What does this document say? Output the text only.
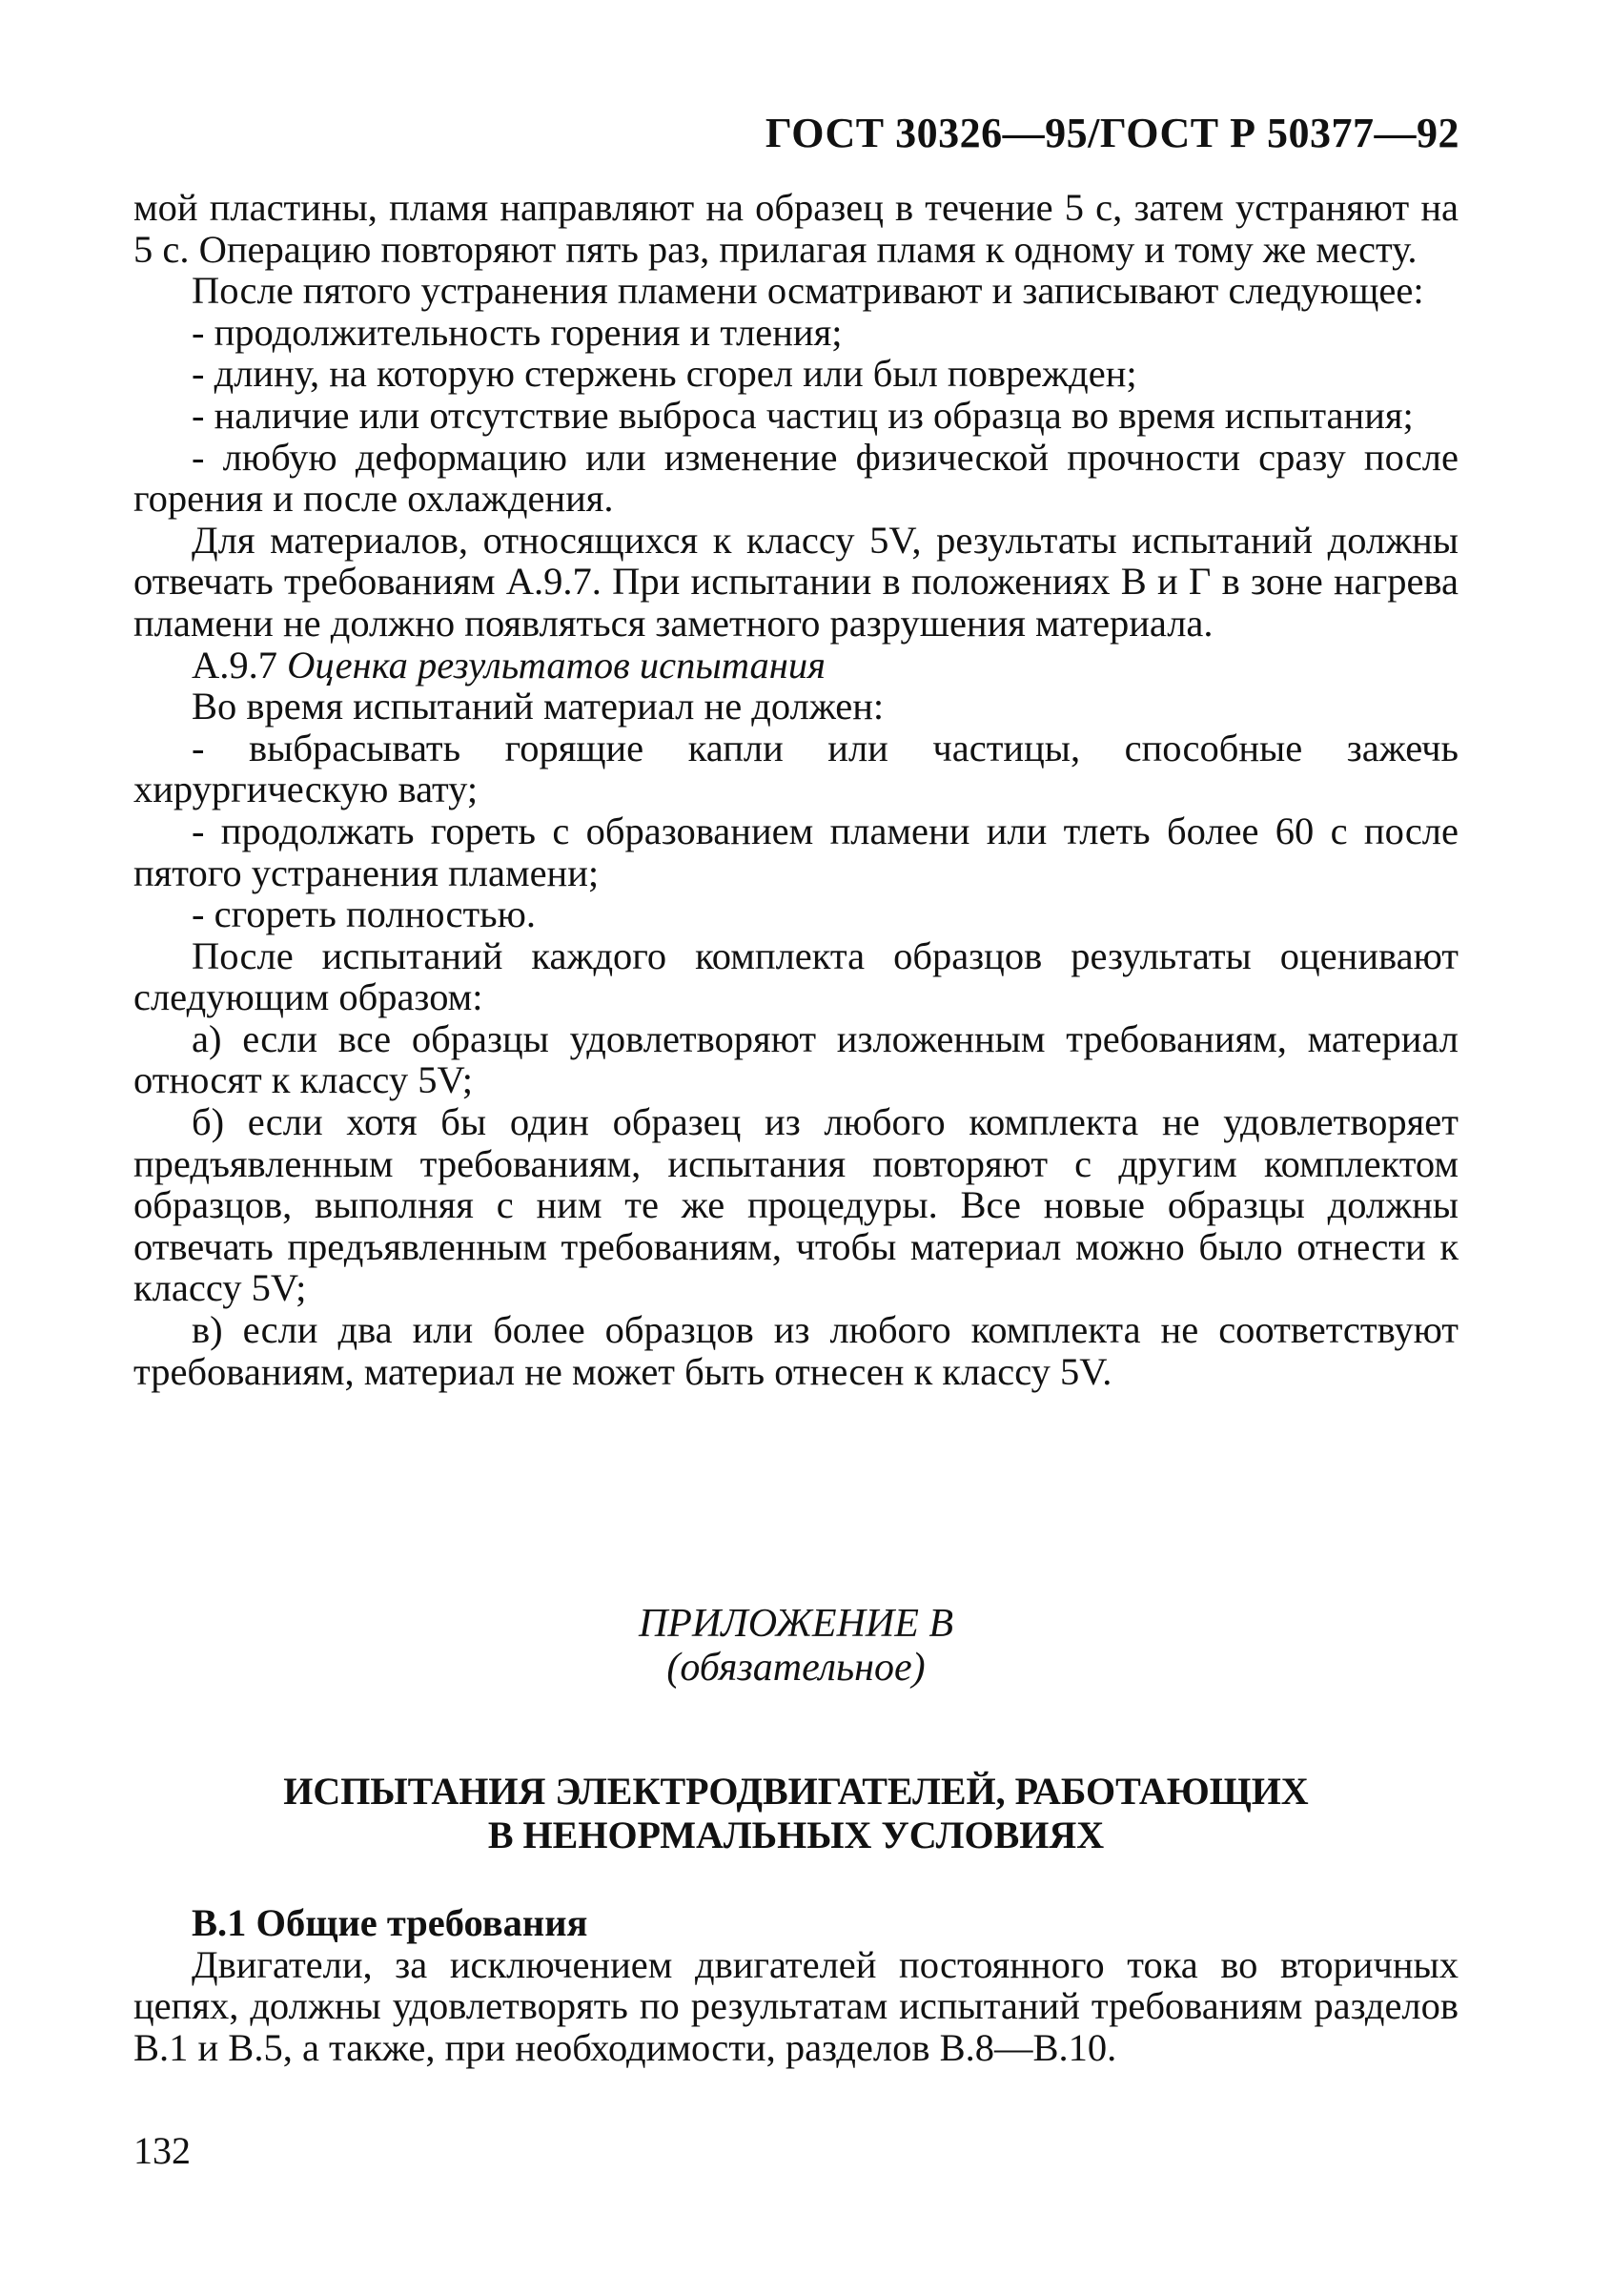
ГОСТ 30326—95/ГОСТ Р 50377—92

мой пластины, пламя направляют на образец в течение 5 с, затем устраняют на 5 с. Операцию повторяют пять раз, прилагая пламя к одному и тому же месту.

После пятого устранения пламени осматривают и записывают следующее:

- продолжительность горения и тления;

- длину, на которую стержень сгорел или был поврежден;

- наличие или отсутствие выброса частиц из образца во время испытания;

- любую деформацию или изменение физической прочности сразу после горения и после охлаждения.

Для материалов, относящихся к классу 5V, результаты испытаний должны отвечать требованиям А.9.7. При испытании в положениях В и Г в зоне нагрева пламени не должно появляться заметного разрушения материала.

А.9.7 Оценка результатов испытания

Во время испытаний материал не должен:

- выбрасывать горящие капли или частицы, способные зажечь хирургическую вату;

- продолжать гореть с образованием пламени или тлеть более 60 с после пятого устранения пламени;

- сгореть полностью.

После испытаний каждого комплекта образцов результаты оценивают следующим образом:

а) если все образцы удовлетворяют изложенным требованиям, материал относят к классу 5V;

б) если хотя бы один образец из любого комплекта не удовлетворяет предъявленным требованиям, испытания повторяют с другим комплектом образцов, выполняя с ним те же процедуры. Все новые образцы должны отвечать предъявленным требованиям, чтобы материал можно было отнести к классу 5V;

в) если два или более образцов из любого комплекта не соответствуют требованиям, материал не может быть отнесен к классу 5V.

ПРИЛОЖЕНИЕ В
(обязательное)
ИСПЫТАНИЯ ЭЛЕКТРОДВИГАТЕЛЕЙ, РАБОТАЮЩИХ
В НЕНОРМАЛЬНЫХ УСЛОВИЯХ

В.1 Общие требования

Двигатели, за исключением двигателей постоянного тока во вторичных цепях, должны удовлетворять по результатам испытаний требованиям разделов В.1 и В.5, а также, при необходимости, разделов В.8—В.10.

132
